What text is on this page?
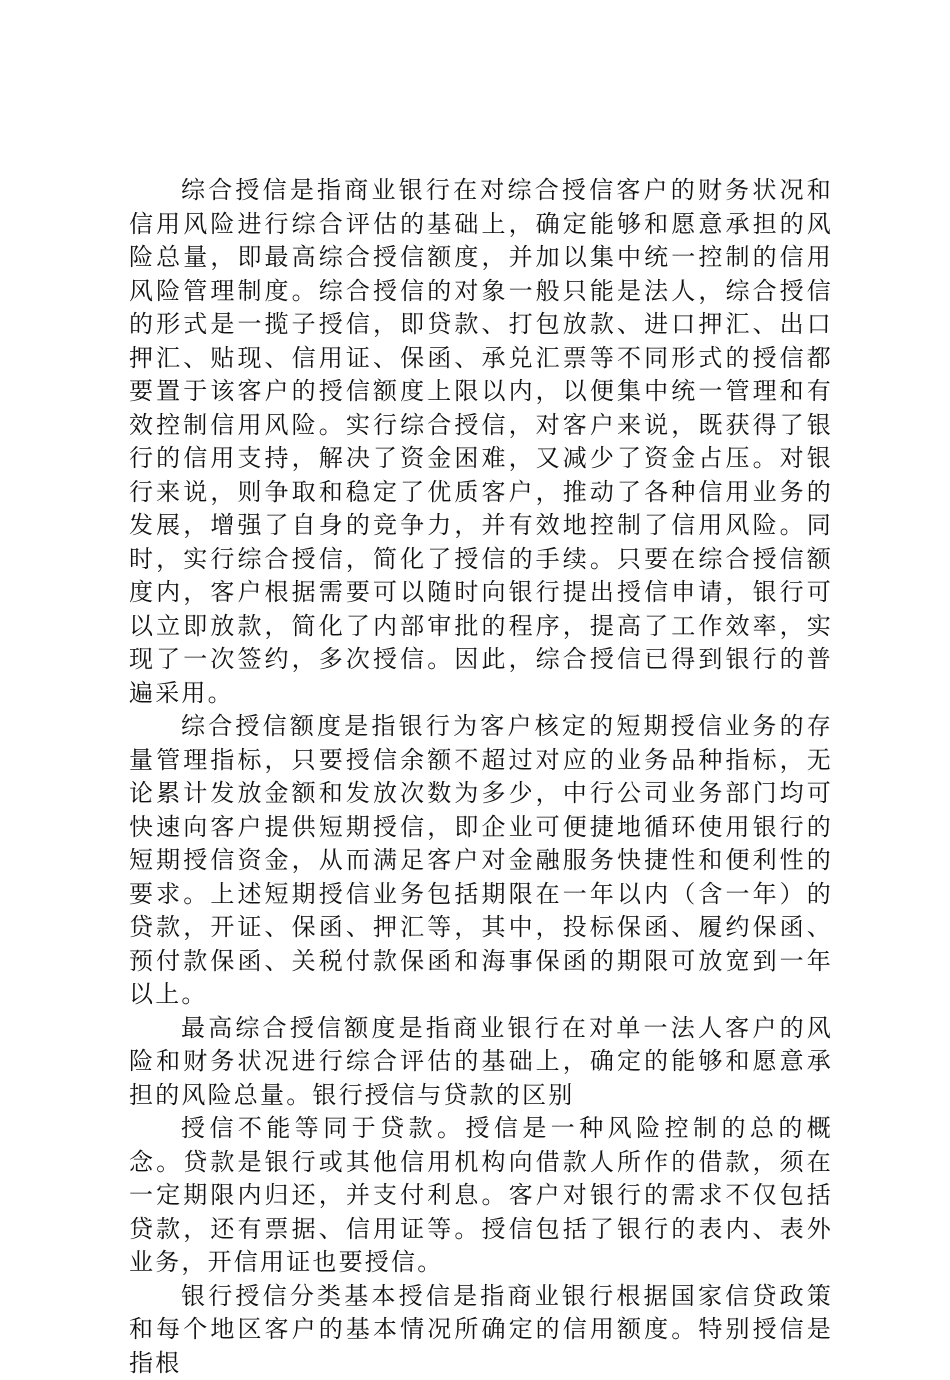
综合授信是指商业银行在对综合授信客户的财务状况和信用风险进行综合评估的基础上，确定能够和愿意承担的风险总量，即最高综合授信额度，并加以集中统一控制的信用风险管理制度。综合授信的对象一般只能是法人，综合授信的形式是一揽子授信，即贷款、打包放款、进口押汇、出口押汇、贴现、信用证、保函、承兑汇票等不同形式的授信都要置于该客户的授信额度上限以内，以便集中统一管理和有效控制信用风险。实行综合授信，对客户来说，既获得了银行的信用支持，解决了资金困难，又减少了资金占压。对银行来说，则争取和稳定了优质客户，推动了各种信用业务的发展，增强了自身的竞争力，并有效地控制了信用风险。同时，实行综合授信，简化了授信的手续。只要在综合授信额度内，客户根据需要可以随时向银行提出授信申请，银行可以立即放款，简化了内部审批的程序，提高了工作效率，实现了一次签约，多次授信。因此，综合授信已得到银行的普遍采用。

综合授信额度是指银行为客户核定的短期授信业务的存量管理指标，只要授信余额不超过对应的业务品种指标，无论累计发放金额和发放次数为多少，中行公司业务部门均可快速向客户提供短期授信，即企业可便捷地循环使用银行的短期授信资金，从而满足客户对金融服务快捷性和便利性的要求。上述短期授信业务包括期限在一年以内（含一年）的贷款，开证、保函、押汇等，其中，投标保函、履约保函、预付款保函、关税付款保函和海事保函的期限可放宽到一年以上。

最高综合授信额度是指商业银行在对单一法人客户的风险和财务状况进行综合评估的基础上，确定的能够和愿意承担的风险总量。银行授信与贷款的区别

授信不能等同于贷款。授信是一种风险控制的总的概念。贷款是银行或其他信用机构向借款人所作的借款，须在一定期限内归还，并支付利息。客户对银行的需求不仅包括贷款，还有票据、信用证等。授信包括了银行的表内、表外业务，开信用证也要授信。

银行授信分类基本授信是指商业银行根据国家信贷政策和每个地区客户的基本情况所确定的信用额度。特别授信是指根
